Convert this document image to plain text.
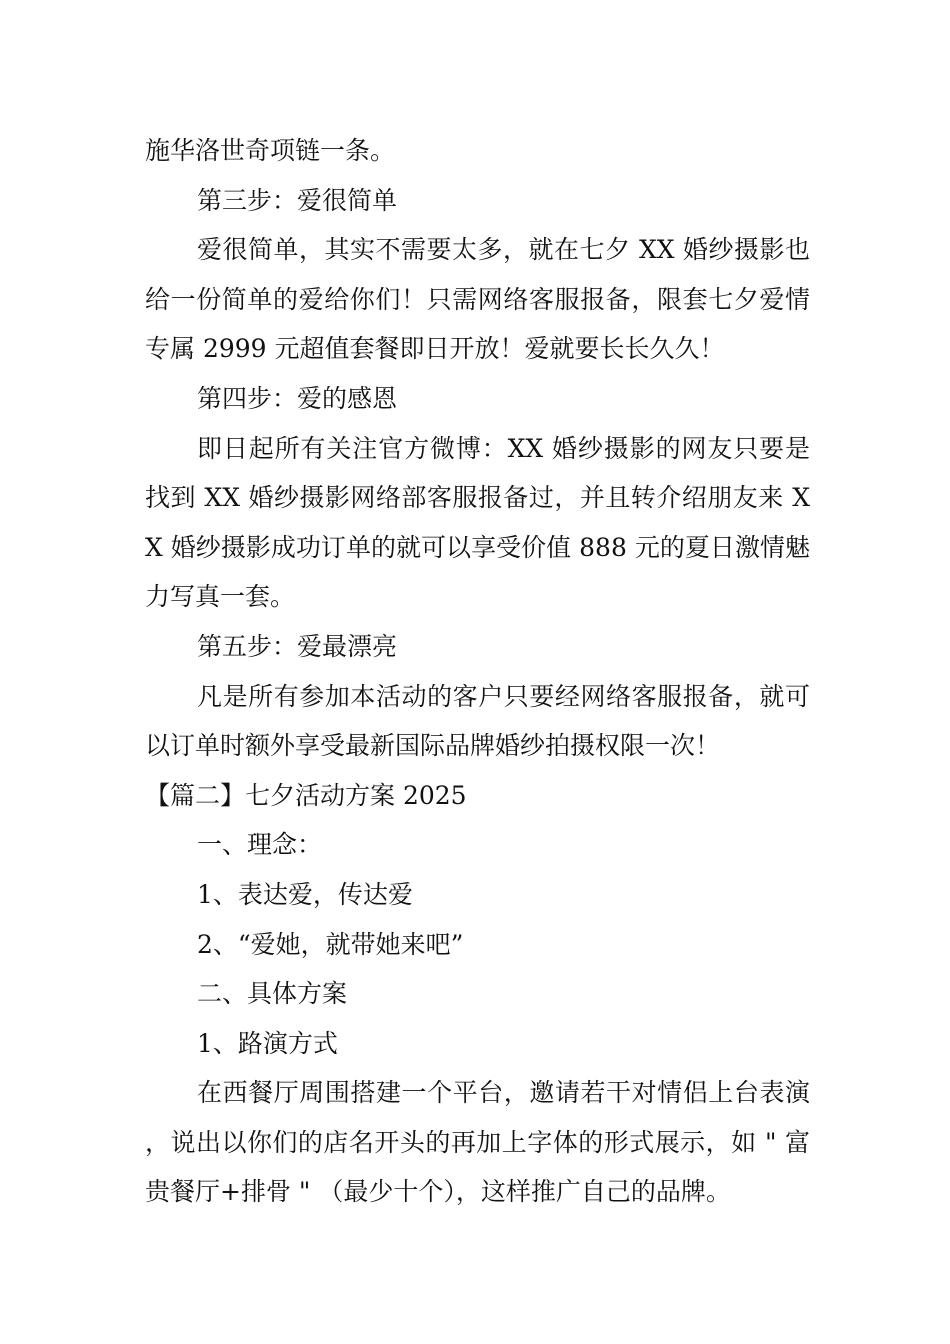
施华洛世奇项链一条。

第三步：爱很简单

爱很简单，其实不需要太多，就在七夕 XX 婚纱摄影也给一份简单的爱给你们！只需网络客服报备，限套七夕爱情专属 2999 元超值套餐即日开放！爱就要长长久久！

第四步：爱的感恩

即日起所有关注官方微博：XX 婚纱摄影的网友只要是找到 XX 婚纱摄影网络部客服报备过，并且转介绍朋友来 XX 婚纱摄影成功订单的就可以享受价值 888 元的夏日激情魅力写真一套。

第五步：爱最漂亮

凡是所有参加本活动的客户只要经网络客服报备，就可以订单时额外享受最新国际品牌婚纱拍摄权限一次！

【篇二】七夕活动方案 2025

一、理念：

1、表达爱，传达爱

2、“爱她，就带她来吧”

二、具体方案

1、路演方式

在西餐厅周围搭建一个平台，邀请若干对情侣上台表演，说出以你们的店名开头的再加上字体的形式展示，如 " 富贵餐厅+排骨 " （最少十个），这样推广自己的品牌。
